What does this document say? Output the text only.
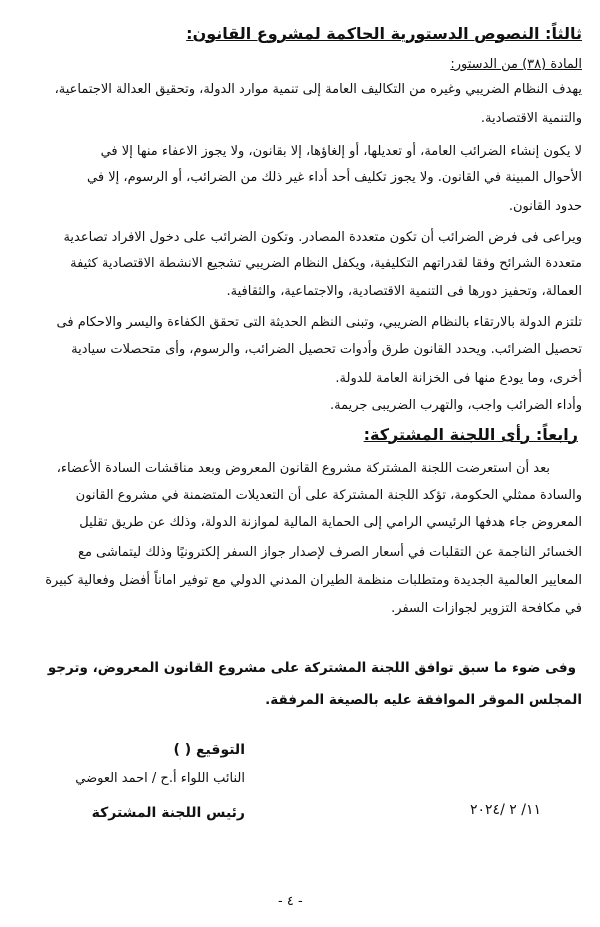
ثالثاً: النصوص الدستورية الحاكمة لمشروع القانون:
المادة (٣٨) من الدستور:
يهدف النظام الضريبي وغيره من التكاليف العامة إلى تنمية موارد الدولة، وتحقيق العدالة الاجتماعية،
والتنمية الاقتصادية.
لا يكون إنشاء الضرائب العامة، أو تعديلها، أو إلغاؤها، إلا بقانون، ولا يجوز الاعفاء منها إلا في
الأحوال المبينة في القانون. ولا يجوز تكليف أحد أداء غير ذلك من الضرائب، أو الرسوم، إلا في
حدود القانون.
ويراعى فى فرض الضرائب أن تكون متعددة المصادر. وتكون الضرائب على دخول الافراد تصاعدية
متعددة الشرائح وفقا لقدراتهم التكليفية، ويكفل النظام الضريبي تشجيع الانشطة الاقتصادية كثيفة
العمالة، وتحفيز دورها فى التنمية الاقتصادية، والاجتماعية، والثقافية.
تلتزم الدولة بالارتقاء بالنظام الضريبي، وتبنى النظم الحديثة التى تحقق الكفاءة واليسر والاحكام فى
تحصيل الضرائب. ويحدد القانون طرق وأدوات تحصيل الضرائب، والرسوم، وأى متحصلات سيادية
أخرى، وما يودع منها فى الخزانة العامة للدولة.
وأداء الضرائب واجب، والتهرب الضريبى جريمة.
رابعاً: رأى اللجنة المشتركة:
بعد أن استعرضت اللجنة المشتركة مشروع القانون المعروض وبعد مناقشات السادة الأعضاء،
والسادة ممثلي الحكومة، تؤكد اللجنة المشتركة على أن التعديلات المتضمنة في مشروع القانون
المعروض جاء هدفها الرئيسي الرامي إلى الحماية المالية لموازنة الدولة، وذلك عن طريق تقليل
الخسائر الناجمة عن التقلبات في أسعار الصرف لإصدار جواز السفر إلكترونيًا وذلك ليتماشى مع
المعايير العالمية الجديدة ومتطلبات منظمة الطيران المدني الدولي مع توفير اماناً أفضل وفعالية كبيرة
في مكافحة التزوير لجوازات السفر.
وفى ضوء ما سبق توافق اللجنة المشتركة على مشروع القانون المعروض، وترجو
المجلس الموقر الموافقة عليه بالصيغة المرفقة.
التوقيع ( )
النائب اللواء أ.ح / احمد العوضي
رئيس اللجنة المشتركة	١١/ ٢ /٢٠٢٤
- ٤ -
